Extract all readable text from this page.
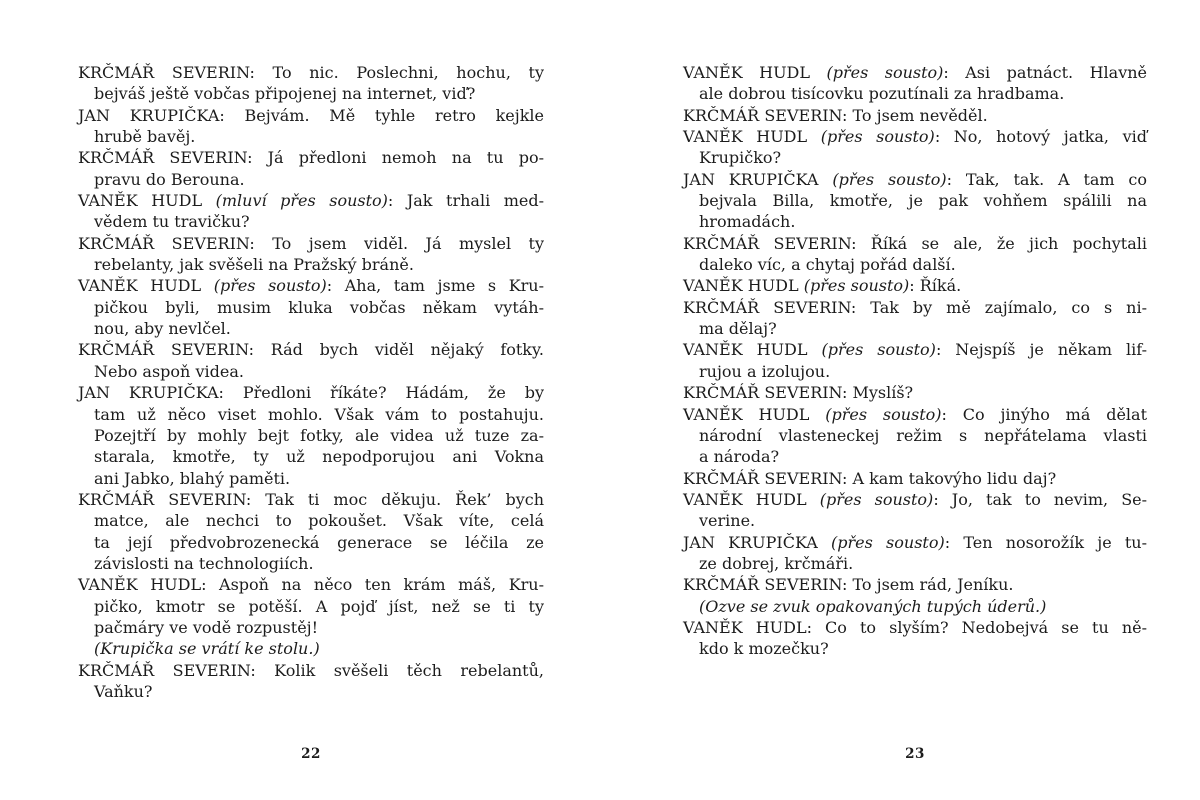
KRČMÁŘ SEVERIN: To nic. Poslechni, hochu, ty
bejváš ještě vobčas připojenej na internet, viď?
JAN KRUPIČKA: Bejvám. Mě tyhle retro kejkle
hrubě bavěj.
KRČMÁŘ SEVERIN: Já předloni nemoh na tu po-
pravu do Berouna.
VANĚK HUDL (mluví přes sousto): Jak trhali med-
vědem tu travičku?
KRČMÁŘ SEVERIN: To jsem viděl. Já myslel ty
rebelanty, jak svěšeli na Pražský bráně.
VANĚK HUDL (přes sousto): Aha, tam jsme s Kru-
pičkou byli, musim kluka vobčas někam vytáh-
nou, aby nevlčel.
KRČMÁŘ SEVERIN: Rád bych viděl nějaký fotky.
Nebo aspoň videa.
JAN KRUPIČKA: Předloni říkáte? Hádám, že by
tam už něco viset mohlo. Však vám to postahuju.
Pozejtří by mohly bejt fotky, ale videa už tuze za-
starala, kmotře, ty už nepodporujou ani Vokna
ani Jabko, blahý paměti.
KRČMÁŘ SEVERIN: Tak ti moc děkuju. Řek’ bych
matce, ale nechci to pokoušet. Však víte, celá
ta její předvobrozenecká generace se léčila ze
závislosti na technologiích.
VANĚK HUDL: Aspoň na něco ten krám máš, Kru-
pičko, kmotr se potěší. A pojď jíst, než se ti ty
pačmáry ve vodě rozpustěj!
(Krupička se vrátí ke stolu.)
KRČMÁŘ SEVERIN: Kolik svěšeli těch rebelantů,
Vaňku?
22
VANĚK HUDL (přes sousto): Asi patnáct. Hlavně
ale dobrou tisícovku pozutínali za hradbama.
KRČMÁŘ SEVERIN: To jsem nevěděl.
VANĚK HUDL (přes sousto): No, hotový jatka, viď
Krupičko?
JAN KRUPIČKA (přes sousto): Tak, tak. A tam co
bejvala Billa, kmotře, je pak vohňem spálili na
hromadách.
KRČMÁŘ SEVERIN: Říká se ale, že jich pochytali
daleko víc, a chytaj pořád další.
VANĚK HUDL (přes sousto): Říká.
KRČMÁŘ SEVERIN: Tak by mě zajímalo, co s ni-
ma dělaj?
VANĚK HUDL (přes sousto): Nejspíš je někam lif-
rujou a izolujou.
KRČMÁŘ SEVERIN: Myslíš?
VANĚK HUDL (přes sousto): Co jinýho má dělat
národní vlasteneckej režim s nepřátelama vlasti
a národa?
KRČMÁŘ SEVERIN: A kam takovýho lidu daj?
VANĚK HUDL (přes sousto): Jo, tak to nevim, Se-
verine.
JAN KRUPIČKA (přes sousto): Ten nosorožík je tu-
ze dobrej, krčmáři.
KRČMÁŘ SEVERIN: To jsem rád, Jeníku.
(Ozve se zvuk opakovaných tupých úderů.)
VANĚK HUDL: Co to slyším? Nedobejvá se tu ně-
kdo k mozečku?
23
